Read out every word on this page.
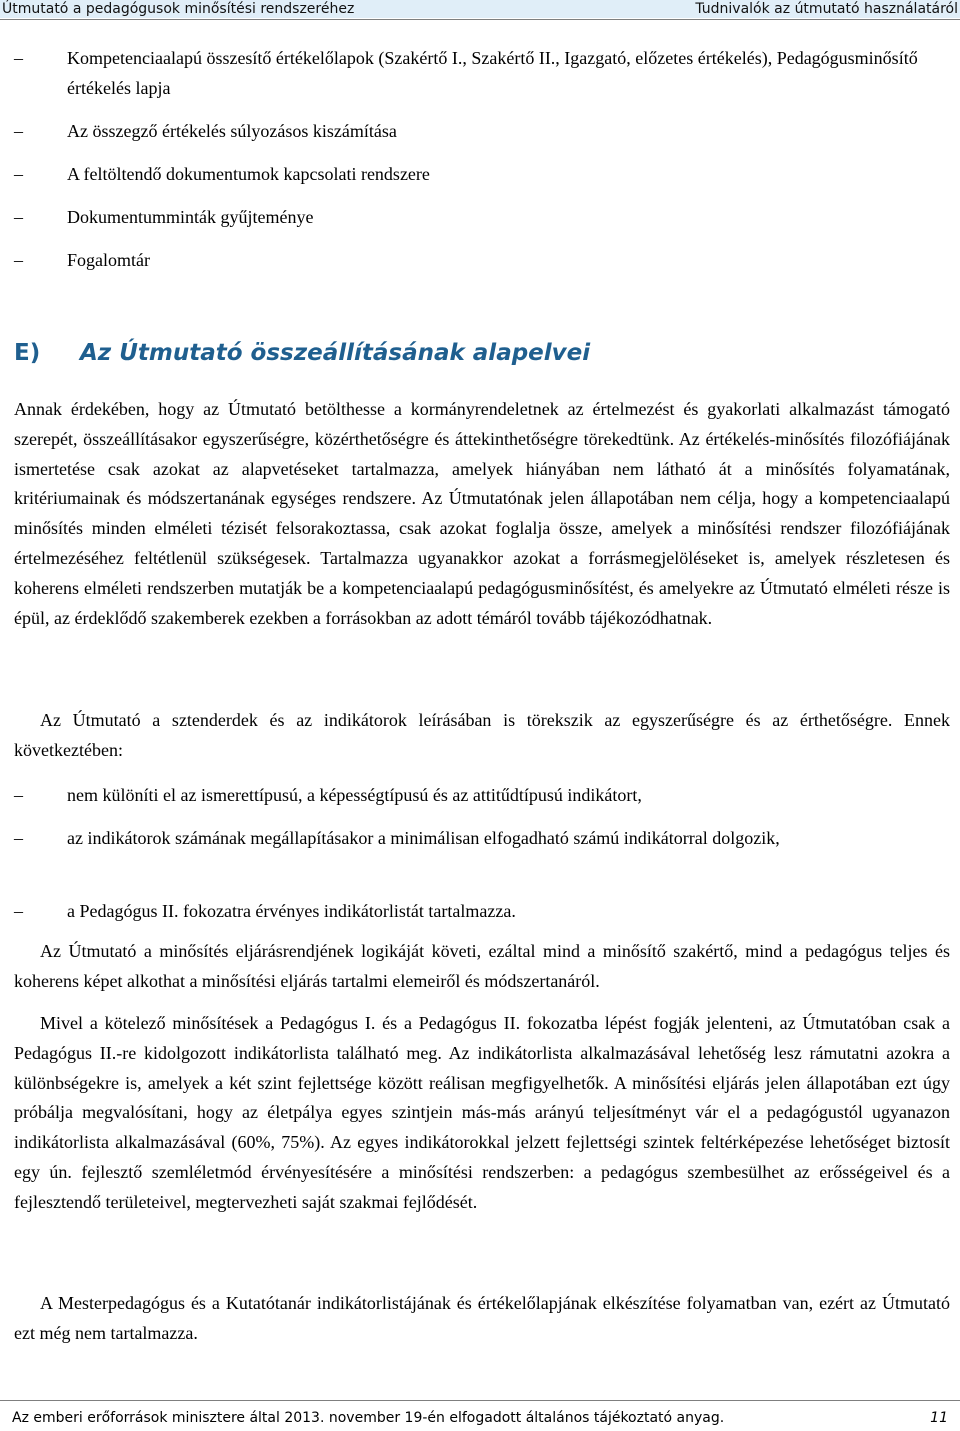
Útmutató a pedagógusok minősítési rendszeréhez	Tudnivalók az útmutató használatáról
–	Kompetenciaalapú összesítő értékelőlapok (Szakértő I., Szakértő II., Igazgató, előzetes értékelés), Pedagógusminősítő értékelés lapja
–	Az összegző értékelés súlyozásos kiszámítása
–	A feltöltendő dokumentumok kapcsolati rendszere
–	Dokumentumminták gyűjteménye
–	Fogalomtár
E) Az Útmutató összeállításának alapelvei
Annak érdekében, hogy az Útmutató betölthesse a kormányrendeletnek az értelmezést és gyakorlati alkalmazást támogató szerepét, összeállításakor egyszerűségre, közérthetőségre és áttekinthetőségre törekedtünk. Az értékelés-minősítés filozófiájának ismertetése csak azokat az alapvetéseket tartalmazza, amelyek hiányában nem látható át a minősítés folyamatának, kritériumainak és módszertanának egységes rendszere. Az Útmutatónak jelen állapotában nem célja, hogy a kompetenciaalapú minősítés minden elméleti tézisét felsorakoztassa, csak azokat foglalja össze, amelyek a minősítési rendszer filozófiájának értelmezéséhez feltétlenül szükségesek. Tartalmazza ugyanakkor azokat a forrásmegjelöléseket is, amelyek részletesen és koherens elméleti rendszerben mutatják be a kompetenciaalapú pedagógusminősítést, és amelyekre az Útmutató elméleti része is épül, az érdeklődő szakemberek ezekben a forrásokban az adott témáról tovább tájékozódhatnak.
Az Útmutató a sztenderdek és az indikátorok leírásában is törekszik az egyszerűségre és az érthetőségre. Ennek következtében:
–	nem különíti el az ismerettípusú, a képességtípusú és az attitűdtípusú indikátort,
–	az indikátorok számának megállapításakor a minimálisan elfogadható számú indikátorral dolgozik,
–	a Pedagógus II. fokozatra érvényes indikátorlistát tartalmazza.
Az Útmutató a minősítés eljárásrendjének logikáját követi, ezáltal mind a minősítő szakértő, mind a pedagógus teljes és koherens képet alkothat a minősítési eljárás tartalmi elemeiről és módszertanáról.
Mivel a kötelező minősítések a Pedagógus I. és a Pedagógus II. fokozatba lépést fogják jelenteni, az Útmutatóban csak a Pedagógus II.-re kidolgozott indikátorlista található meg. Az indikátorlista alkalmazásával lehetőség lesz rámutatni azokra a különbségekre is, amelyek a két szint fejlettsége között reálisan megfigyelhetők. A minősítési eljárás jelen állapotában ezt úgy próbálja megvalósítani, hogy az életpálya egyes szintjein más-más arányú teljesítményt vár el a pedagógustól ugyanazon indikátorlista alkalmazásával (60%, 75%). Az egyes indikátorokkal jelzett fejlettségi szintek feltérképezése lehetőséget biztosít egy ún. fejlesztő szemléletmód érvényesítésére a minősítési rendszerben: a pedagógus szembesülhet az erősségeivel és a fejlesztendő területeivel, megtervezheti saját szakmai fejlődését.
A Mesterpedagógus és a Kutatótanár indikátorlistájának és értékelőlapjának elkészítése folyamatban van, ezért az Útmutató ezt még nem tartalmazza.
Az emberi erőforrások minisztere által 2013. november 19-én elfogadott általános tájékoztató anyag.	11
